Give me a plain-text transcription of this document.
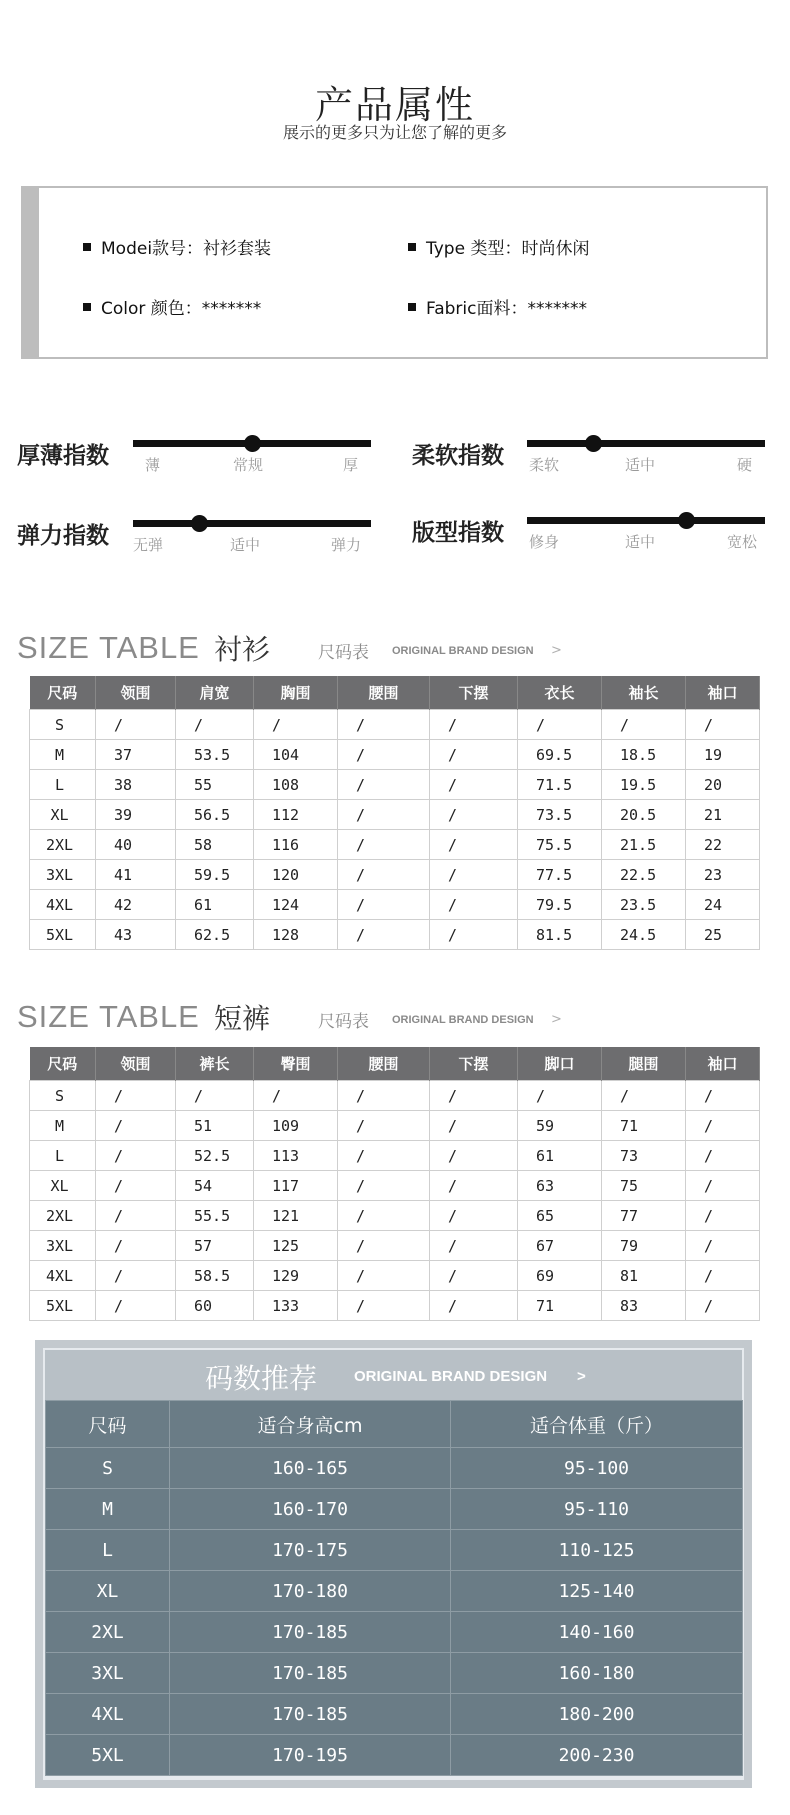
产品属性
展示的更多只为让您了解的更多
Modei款号：衬衫套装	Type 类型：时尚休闲
Color 颜色：*******	Fabric面料：*******
厚薄指数 薄	常规	厚 柔软指数 柔软	适中	硬
弹力指数 无弹	适中	弹力 版型指数 修身	适中	宽松
SIZE TABLE 衬衫	尺码表 ORIGINAL BRAND DESIGN >
尺码	领围	肩宽	胸围	腰围	下摆	衣长	袖长	袖口
S	/	/	/	/	/	/	/	/
M	37	53.5	104	/	/	69.5	18.5	19
L	38	55	108	/	/	71.5	19.5	20
XL	39	56.5	112	/	/	73.5	20.5	21
2XL	40	58	116	/	/	75.5	21.5	22
3XL	41	59.5	120	/	/	77.5	22.5	23
4XL	42	61	124	/	/	79.5	23.5	24
5XL	43	62.5	128	/	/	81.5	24.5	25
SIZE TABLE 短裤	尺码表 ORIGINAL BRAND DESIGN >
尺码	领围	裤长	臀围	腰围	下摆	脚口	腿围	袖口
S	/	/	/	/	/	/	/	/
M	/	51	109	/	/	59	71	/
L	/	52.5	113	/	/	61	73	/
XL	/	54	117	/	/	63	75	/
2XL	/	55.5	121	/	/	65	77	/
3XL	/	57	125	/	/	67	79	/
4XL	/	58.5	129	/	/	69	81	/
5XL	/	60	133	/	/	71	83	/
码数推荐 ORIGINAL BRAND DESIGN >
尺码	适合身高cm	适合体重（斤）
S	160-165	95-100
M	160-170	95-110
L	170-175	110-125
XL	170-180	125-140
2XL	170-185	140-160
3XL	170-185	160-180
4XL	170-185	180-200
5XL	170-195	200-230
